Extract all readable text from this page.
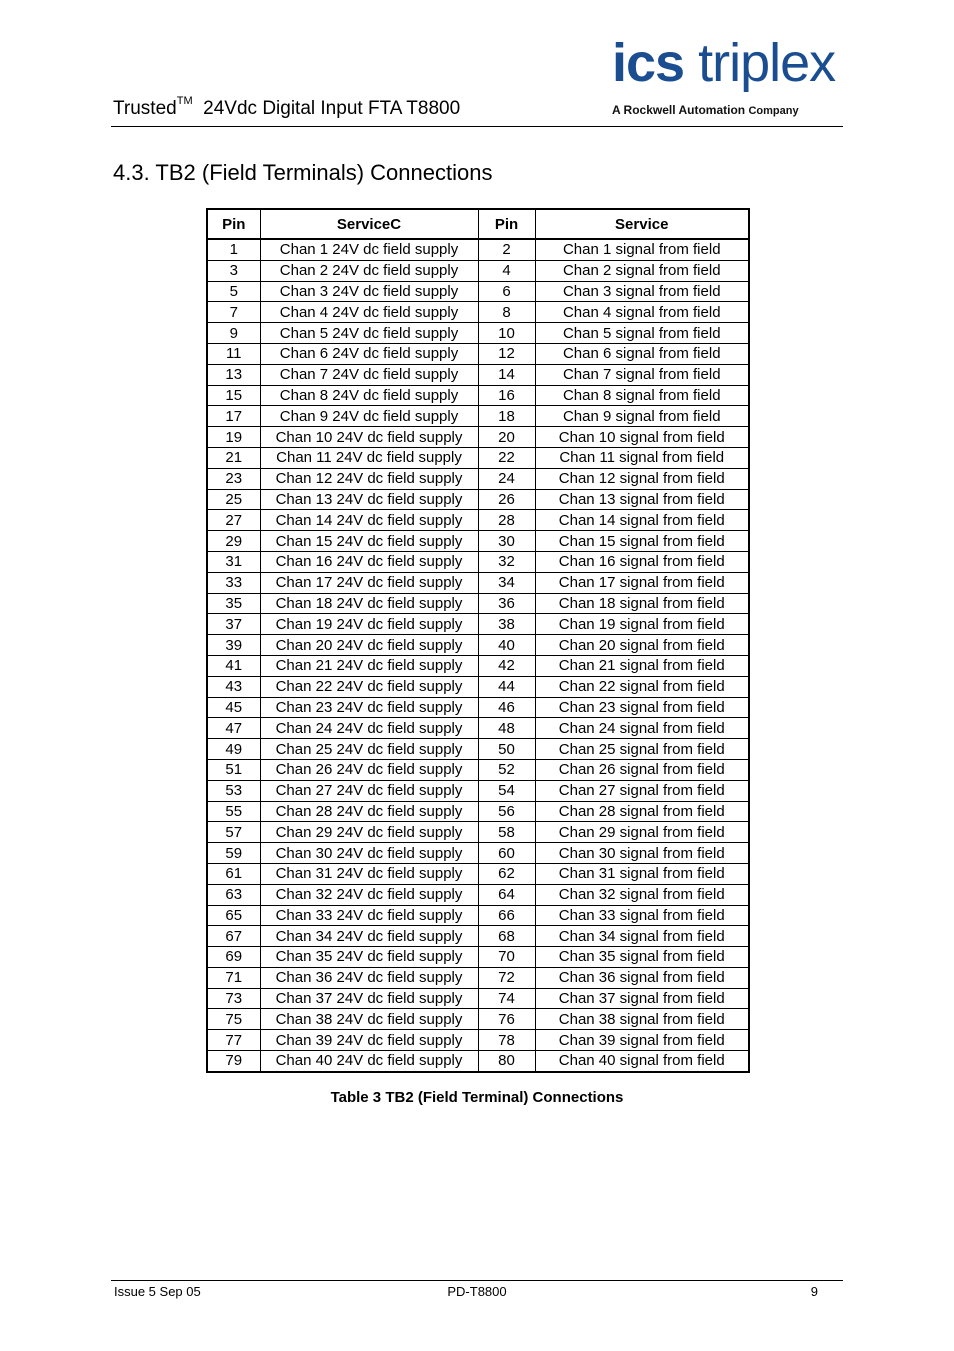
Trusted™ 24Vdc Digital Input FTA T8800
ics triplex
A Rockwell Automation Company
4.3. TB2 (Field Terminals) Connections
Pin	ServiceC	Pin	Service
1	Chan 1 24V dc field supply	2	Chan 1 signal from field
3	Chan 2 24V dc field supply	4	Chan 2 signal from field
5	Chan 3 24V dc field supply	6	Chan 3 signal from field
7	Chan 4 24V dc field supply	8	Chan 4 signal from field
9	Chan 5 24V dc field supply	10	Chan 5 signal from field
11	Chan 6 24V dc field supply	12	Chan 6 signal from field
13	Chan 7 24V dc field supply	14	Chan 7 signal from field
15	Chan 8 24V dc field supply	16	Chan 8 signal from field
17	Chan 9 24V dc field supply	18	Chan 9 signal from field
19	Chan 10 24V dc field supply	20	Chan 10 signal from field
21	Chan 11 24V dc field supply	22	Chan 11 signal from field
23	Chan 12 24V dc field supply	24	Chan 12 signal from field
25	Chan 13 24V dc field supply	26	Chan 13 signal from field
27	Chan 14 24V dc field supply	28	Chan 14 signal from field
29	Chan 15 24V dc field supply	30	Chan 15 signal from field
31	Chan 16 24V dc field supply	32	Chan 16 signal from field
33	Chan 17 24V dc field supply	34	Chan 17 signal from field
35	Chan 18 24V dc field supply	36	Chan 18 signal from field
37	Chan 19 24V dc field supply	38	Chan 19 signal from field
39	Chan 20 24V dc field supply	40	Chan 20 signal from field
41	Chan 21 24V dc field supply	42	Chan 21 signal from field
43	Chan 22 24V dc field supply	44	Chan 22 signal from field
45	Chan 23 24V dc field supply	46	Chan 23 signal from field
47	Chan 24 24V dc field supply	48	Chan 24 signal from field
49	Chan 25 24V dc field supply	50	Chan 25 signal from field
51	Chan 26 24V dc field supply	52	Chan 26 signal from field
53	Chan 27 24V dc field supply	54	Chan 27 signal from field
55	Chan 28 24V dc field supply	56	Chan 28 signal from field
57	Chan 29 24V dc field supply	58	Chan 29 signal from field
59	Chan 30 24V dc field supply	60	Chan 30 signal from field
61	Chan 31 24V dc field supply	62	Chan 31 signal from field
63	Chan 32 24V dc field supply	64	Chan 32 signal from field
65	Chan 33 24V dc field supply	66	Chan 33 signal from field
67	Chan 34 24V dc field supply	68	Chan 34 signal from field
69	Chan 35 24V dc field supply	70	Chan 35 signal from field
71	Chan 36 24V dc field supply	72	Chan 36 signal from field
73	Chan 37 24V dc field supply	74	Chan 37 signal from field
75	Chan 38 24V dc field supply	76	Chan 38 signal from field
77	Chan 39 24V dc field supply	78	Chan 39 signal from field
79	Chan 40 24V dc field supply	80	Chan 40 signal from field
Table 3 TB2 (Field Terminal) Connections
Issue 5 Sep 05	PD-T8800	9
